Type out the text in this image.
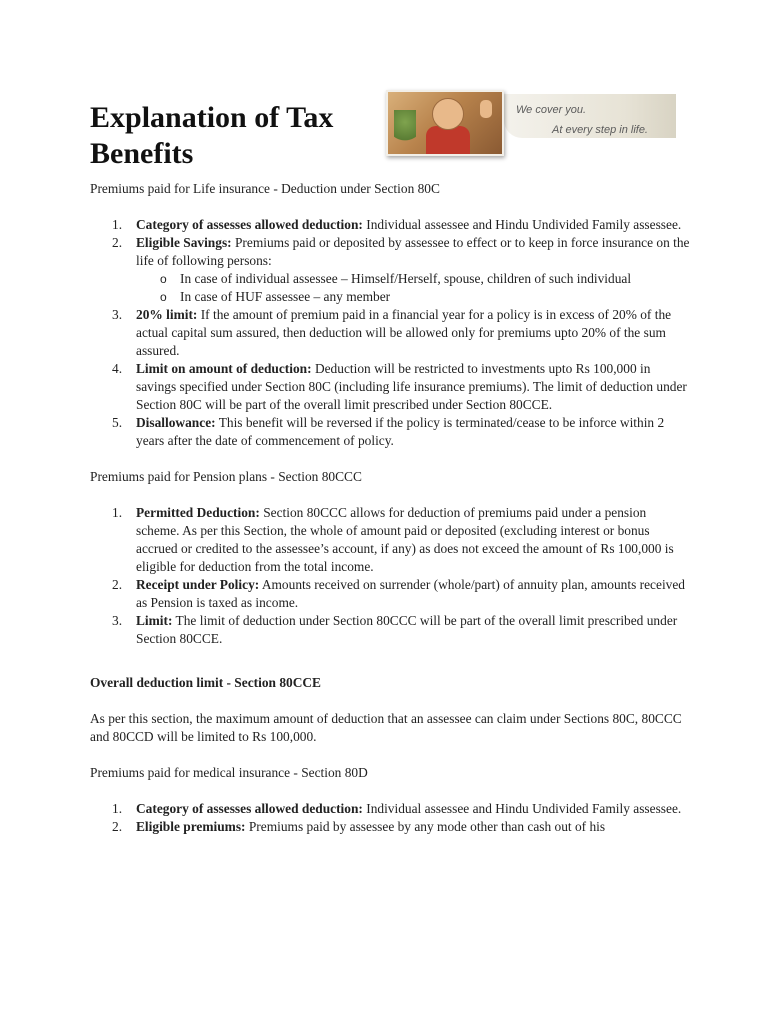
We cover you.
At every step in life.
Explanation of Tax Benefits

Premiums paid for Life insurance - Deduction under Section 80C

1. Category of assesses allowed deduction: Individual assessee and Hindu Undivided Family assessee.
2. Eligible Savings: Premiums paid or deposited by assessee to effect or to keep in force insurance on the life of following persons:
o In case of individual assessee – Himself/Herself, spouse, children of such individual
o In case of HUF assessee – any member
3. 20% limit: If the amount of premium paid in a financial year for a policy is in excess of 20% of the actual capital sum assured, then deduction will be allowed only for premiums upto 20% of the sum assured.
4. Limit on amount of deduction: Deduction will be restricted to investments upto Rs 100,000 in savings specified under Section 80C (including life insurance premiums). The limit of deduction under Section 80C will be part of the overall limit prescribed under Section 80CCE.
5. Disallowance: This benefit will be reversed if the policy is terminated/cease to be inforce within 2 years after the date of commencement of policy.

Premiums paid for Pension plans - Section 80CCC

1. Permitted Deduction: Section 80CCC allows for deduction of premiums paid under a pension scheme. As per this Section, the whole of amount paid or deposited (excluding interest or bonus accrued or credited to the assessee’s account, if any) as does not exceed the amount of Rs 100,000 is eligible for deduction from the total income.
2. Receipt under Policy: Amounts received on surrender (whole/part) of annuity plan, amounts received as Pension is taxed as income.
3. Limit: The limit of deduction under Section 80CCC will be part of the overall limit prescribed under Section 80CCE.

Overall deduction limit - Section 80CCE

As per this section, the maximum amount of deduction that an assessee can claim under Sections 80C, 80CCC and 80CCD will be limited to Rs 100,000.

Premiums paid for medical insurance - Section 80D

1. Category of assesses allowed deduction: Individual assessee and Hindu Undivided Family assessee.
2. Eligible premiums: Premiums paid by assessee by any mode other than cash out of his
